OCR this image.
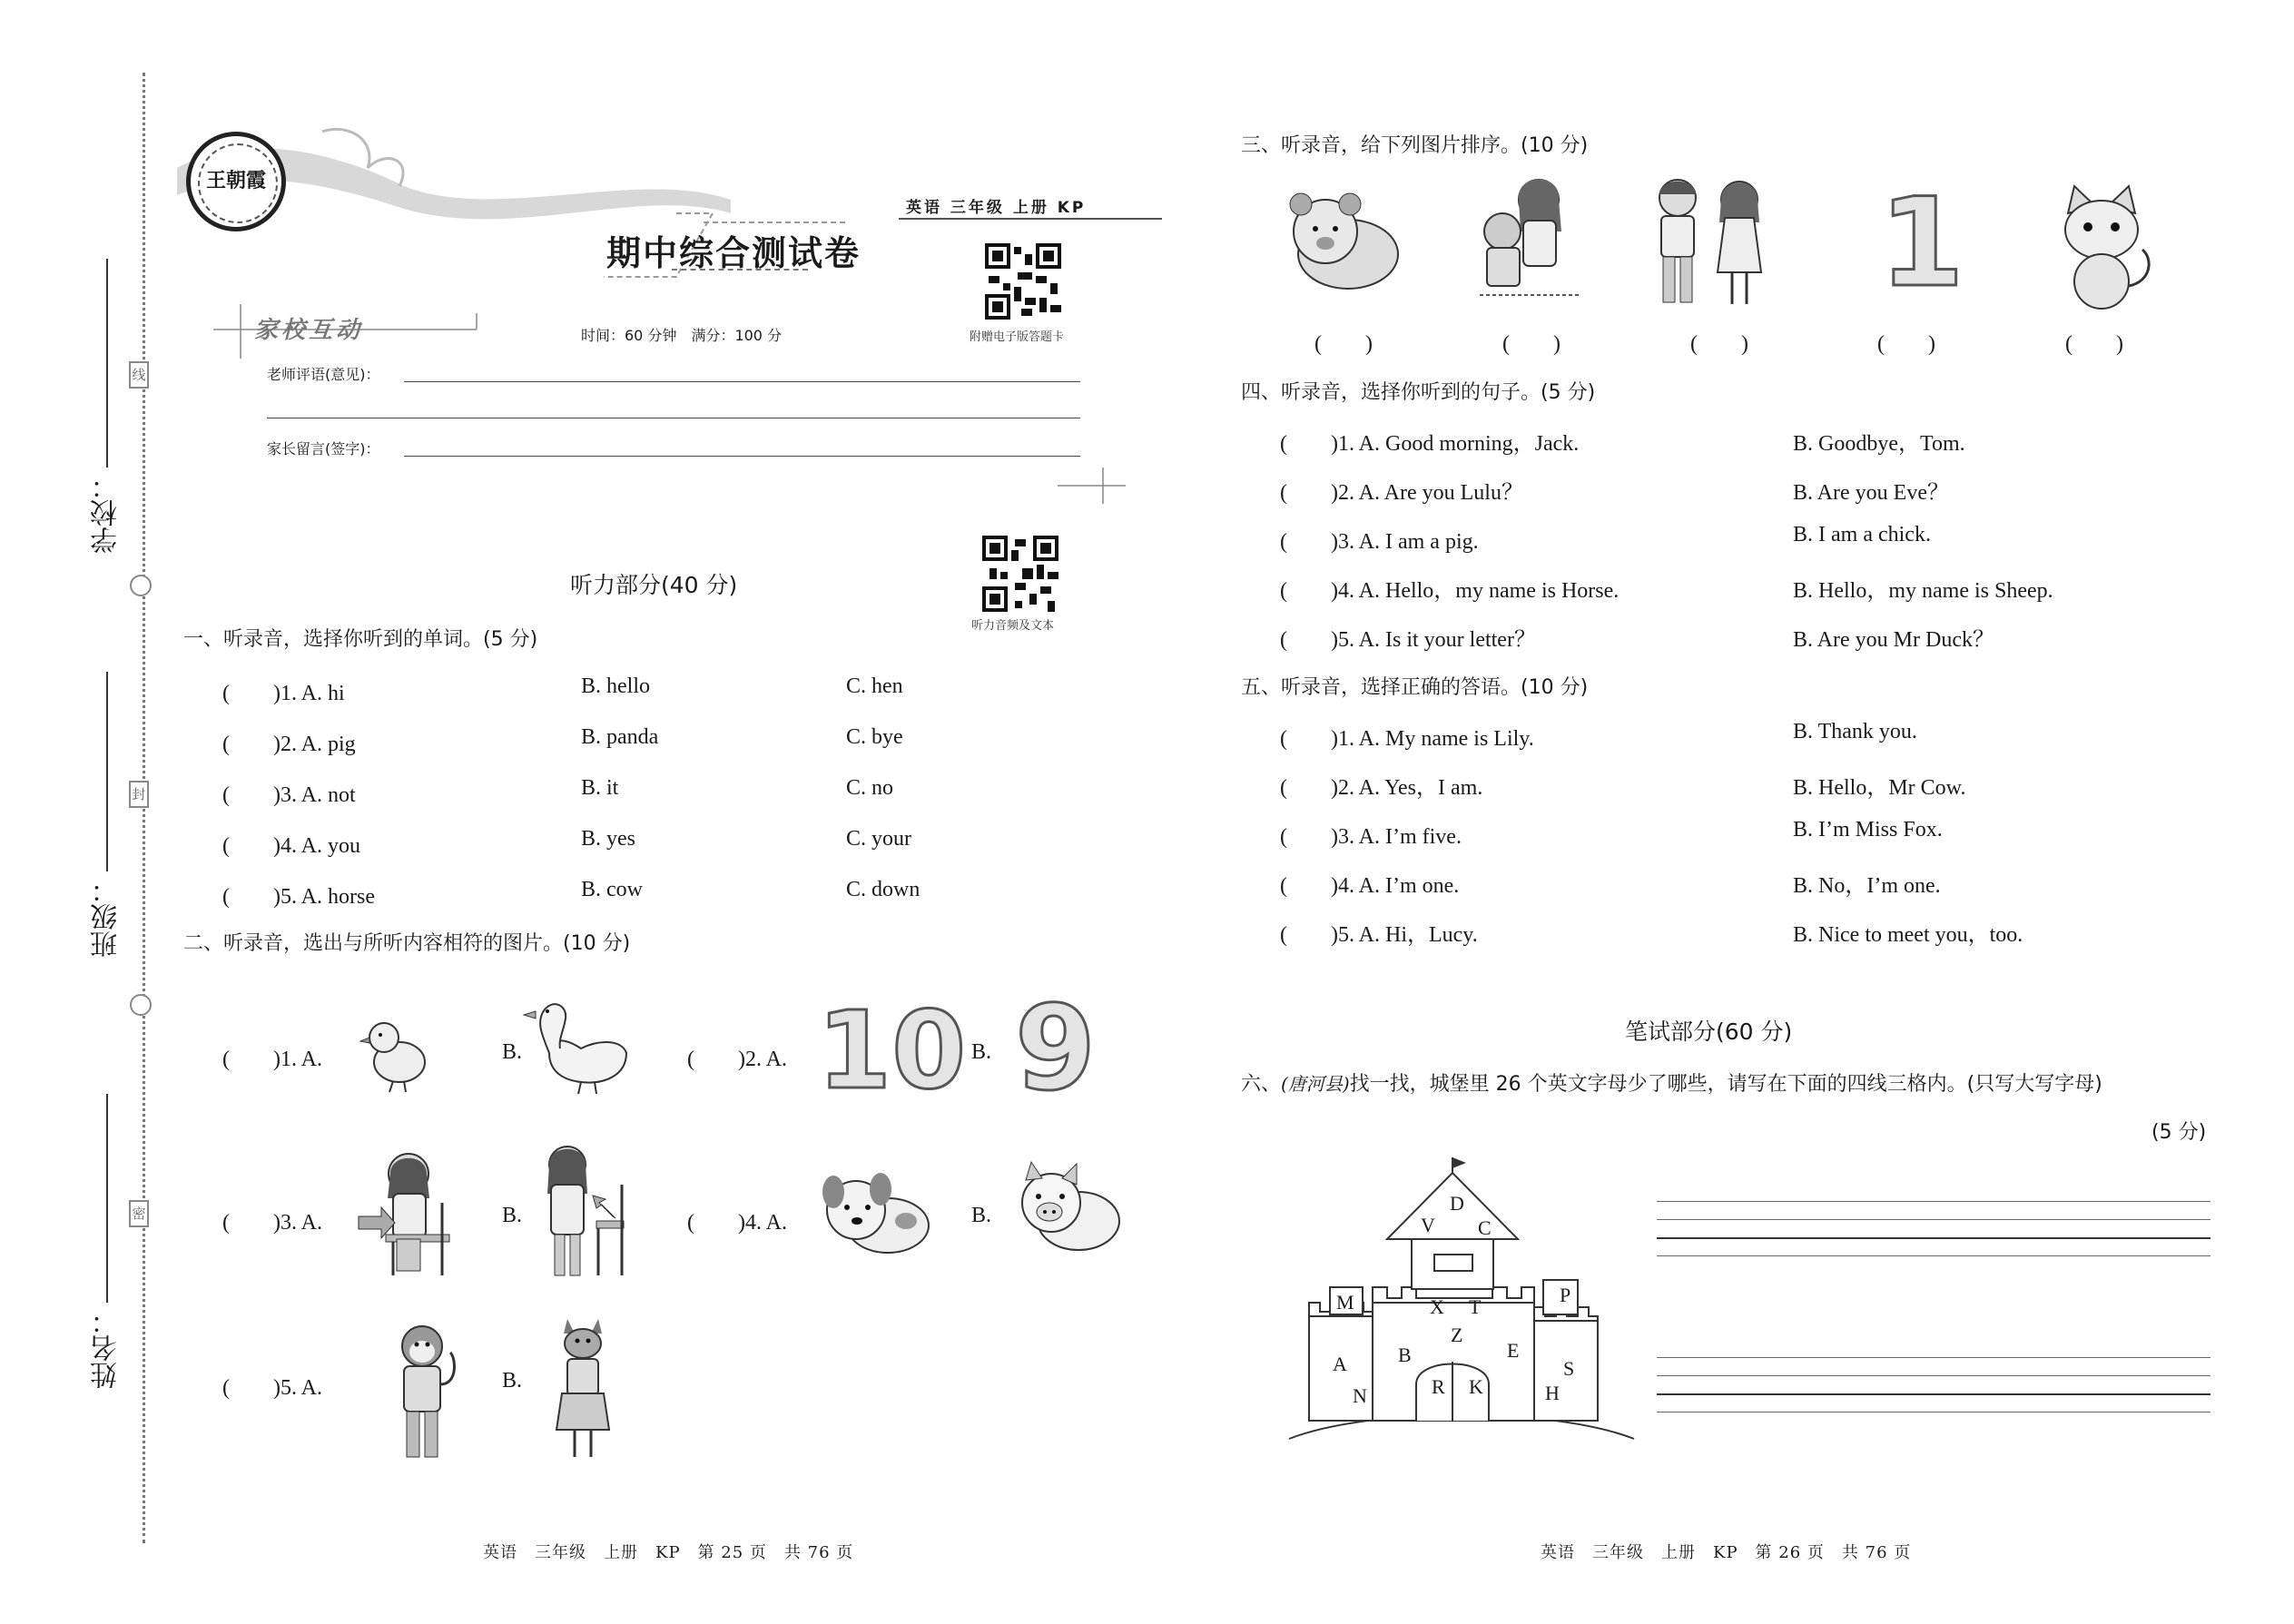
学校：
班级：
姓名：
线
封
密
王朝霞
英语 三年级 上册 KP
期中综合测试卷
附赠电子版答题卡
家校互动	时间：60 分钟　满分：100 分
老师评语(意见)：
家长留言(签字)：
听力音频及文本
听力部分(40 分)
一、听录音，选择你听到的单词。(5 分)
(　　)1. A. hi	B. hello	C. hen
(　　)2. A. pig	B. panda	C. bye
(　　)3. A. not	B. it	C. no
(　　)4. A. you	B. yes	C. your
(　　)5. A. horse	B. cow	C. down
二、听录音，选出与所听内容相符的图片。(10 分)
(　　)1. A.	B.	(　　)2. A. 10 B. 9
(　　)3. A.	B.	(　　)4. A.	B.
(　　)5. A.	B.
三、听录音，给下列图片排序。(10 分)
1
(　　)	(　　)	(　　)	(　　)	(　　)
四、听录音，选择你听到的句子。(5 分)
(　　)1. A. Good morning，Jack.	B. Goodbye，Tom.
(　　)2. A. Are you Lulu？	B. Are you Eve？
(　　)3. A. I am a pig.	B. I am a chick.
(　　)4. A. Hello，my name is Horse.	B. Hello，my name is Sheep.
(　　)5. A. Is it your letter？	B. Are you Mr Duck？
五、听录音，选择正确的答语。(10 分)
(　　)1. A. My name is Lily.	B. Thank you.
(　　)2. A. Yes，I am.	B. Hello，Mr Cow.
(　　)3. A. I’m five.	B. I’m Miss Fox.
(　　)4. A. I’m one.	B. No，I’m one.
(　　)5. A. Hi，Lucy.	B. Nice to meet you，too.
笔试部分(60 分)
六、(唐河县)找一找，城堡里 26 个英文字母少了哪些，请写在下面的四线三格内。(只写大写字母)
(5 分)
D
V C
M	X T
P
Z
B	E
A
R K
S
N	H
英语　三年级　上册　KP　第 25 页　共 76 页	英语　三年级　上册　KP　第 26 页　共 76 页
